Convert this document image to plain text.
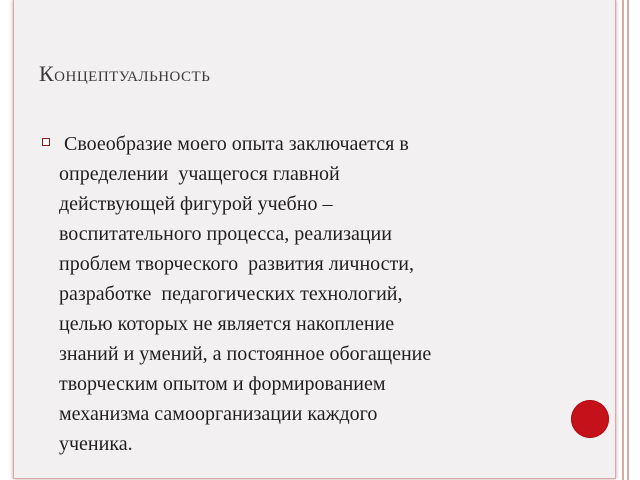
Концептуальность
Своеобразие моего опыта заключается в
определении  учащегося главной
действующей фигурой учебно –
воспитательного процесса, реализации
проблем творческого  развития личности,
разработке  педагогических технологий,
целью которых не является накопление
знаний и умений, а постоянное обогащение
творческим опытом и формированием
механизма самоорганизации каждого
ученика.
